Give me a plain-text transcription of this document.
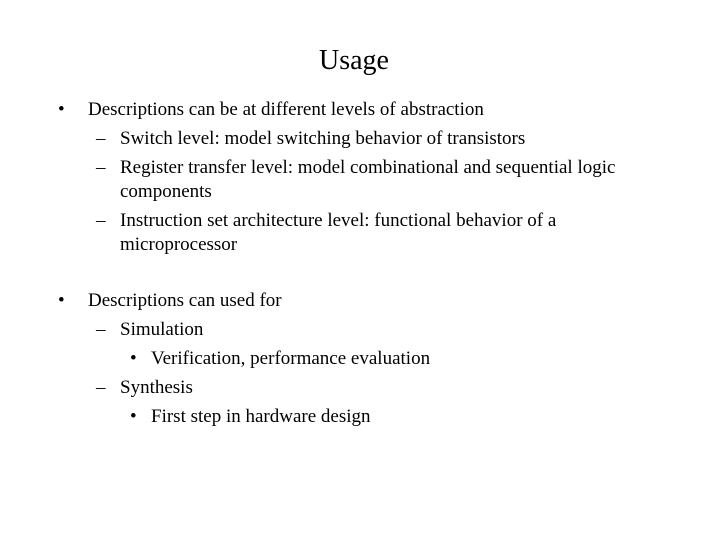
Usage
• Descriptions can be at different levels of abstraction
– Switch level: model switching behavior of transistors
– Register transfer level: model combinational and sequential logic components
– Instruction set architecture level: functional behavior of a microprocessor
• Descriptions can used for
– Simulation
• Verification, performance evaluation
– Synthesis
• First step in hardware design
